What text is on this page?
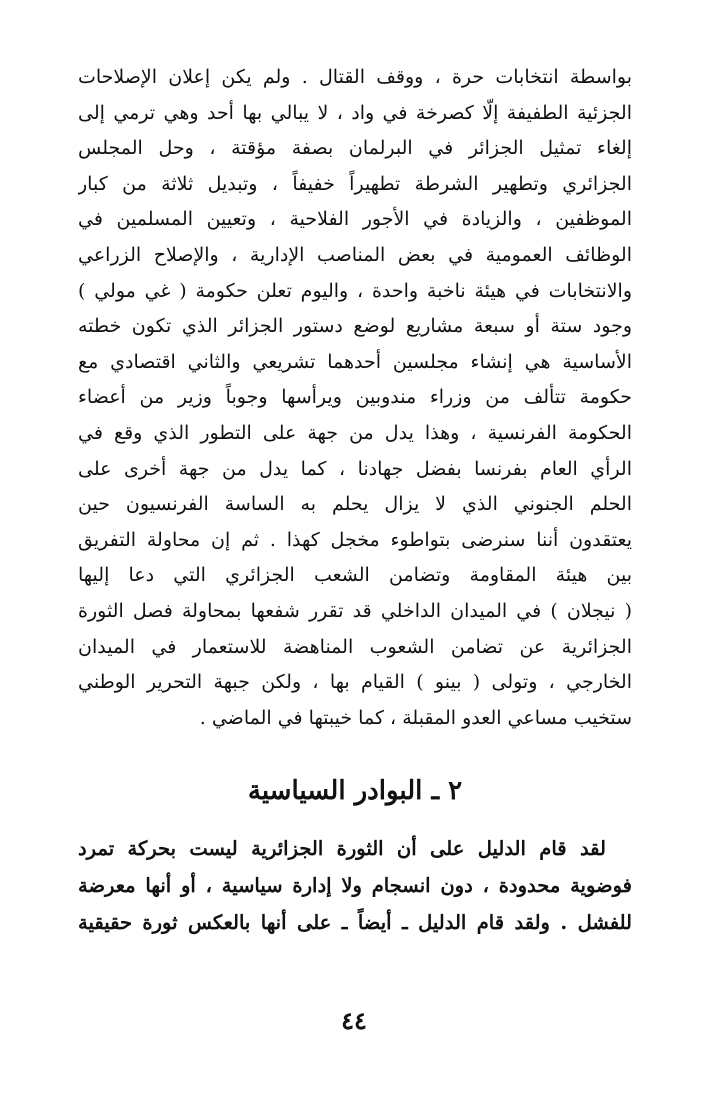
بواسطة انتخابات حرة ، ووقف القتال . ولم يكن إعلان الإصلاحات
الجزئية الطفيفة إلّا كصرخة في واد ، لا يبالي بها أحد وهي ترمي إلى
إلغاء تمثيل الجزائر في البرلمان بصفة مؤقتة ، وحل المجلس
الجزائري وتطهير الشرطة تطهيراً خفيفاً ، وتبديل ثلاثة من كبار
الموظفين ، والزيادة في الأجور الفلاحية ، وتعيين المسلمين في
الوظائف العمومية في بعض المناصب الإدارية ، والإصلاح الزراعي
والانتخابات في هيئة ناخبة واحدة ، واليوم تعلن حكومة ( غي مولي )
وجود ستة أو سبعة مشاريع لوضع دستور الجزائر الذي تكون خطته
الأساسية هي إنشاء مجلسين أحدهما تشريعي والثاني اقتصادي مع
حكومة تتألف من وزراء مندوبين ويرأسها وجوباً وزير من أعضاء
الحكومة الفرنسية ، وهذا يدل من جهة على التطور الذي وقع في
الرأي العام بفرنسا بفضل جهادنا ، كما يدل من جهة أخرى على
الحلم الجنوني الذي لا يزال يحلم به الساسة الفرنسيون حين
يعتقدون أننا سنرضى بتواطوء مخجل كهذا . ثم إن محاولة التفريق
بين هيئة المقاومة وتضامن الشعب الجزائري التي دعا إليها
( نيجلان ) في الميدان الداخلي قد تقرر شفعها بمحاولة فصل الثورة
الجزائرية عن تضامن الشعوب المناهضة للاستعمار في الميدان
الخارجي ، وتولى ( بينو ) القيام بها ، ولكن جبهة التحرير الوطني
ستخيب مساعي العدو المقبلة ، كما خيبتها في الماضي .
٢ ـ البوادر السياسية
لقد قام الدليل على أن الثورة الجزائرية ليست بحركة تمرد
فوضوية محدودة ، دون انسجام ولا إدارة سياسية ، أو أنها معرضة
للفشل . ولقد قام الدليل ـ أيضاً ـ على أنها بالعكس ثورة حقيقية
٤٤
